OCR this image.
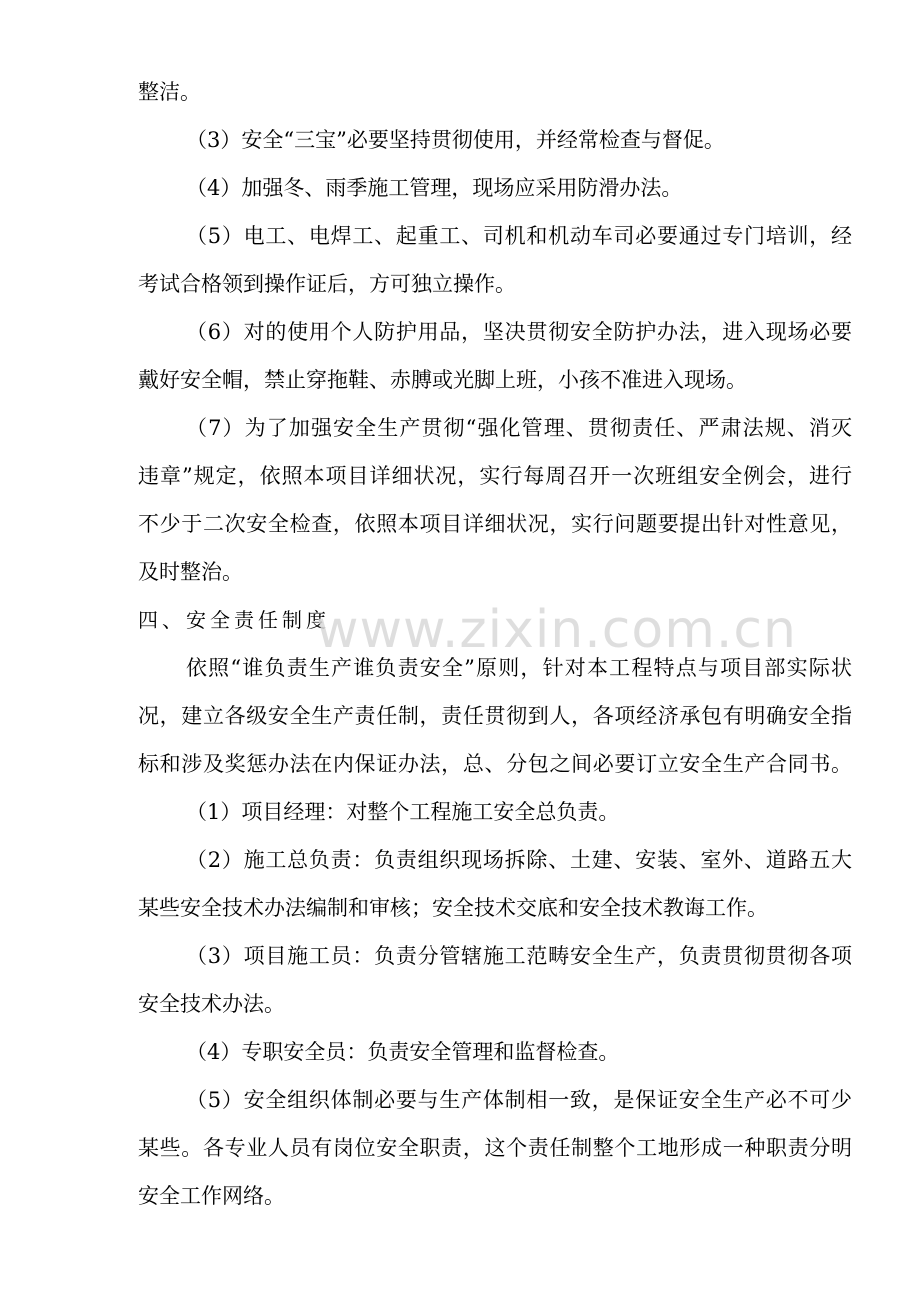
整洁。
（3）安全“三宝”必要坚持贯彻使用，并经常检查与督促。
（4）加强冬、雨季施工管理，现场应采用防滑办法。
（5）电工、电焊工、起重工、司机和机动车司必要通过专门培训，经
考试合格领到操作证后，方可独立操作。
（6）对的使用个人防护用品，坚决贯彻安全防护办法，进入现场必要
戴好安全帽，禁止穿拖鞋、赤膊或光脚上班，小孩不准进入现场。
（7）为了加强安全生产贯彻“强化管理、贯彻责任、严肃法规、消灭
违章”规定，依照本项目详细状况，实行每周召开一次班组安全例会，进行
不少于二次安全检查，依照本项目详细状况，实行问题要提出针对性意见，
及时整治。
四、安全责任制度
依照“谁负责生产谁负责安全”原则，针对本工程特点与项目部实际状
况，建立各级安全生产责任制，责任贯彻到人，各项经济承包有明确安全指
标和涉及奖惩办法在内保证办法，总、分包之间必要订立安全生产合同书。
（1）项目经理：对整个工程施工安全总负责。
（2）施工总负责：负责组织现场拆除、土建、安装、室外、道路五大
某些安全技术办法编制和审核；安全技术交底和安全技术教诲工作。
（3）项目施工员：负责分管辖施工范畴安全生产，负责贯彻贯彻各项
安全技术办法。
（4）专职安全员：负责安全管理和监督检查。
（5）安全组织体制必要与生产体制相一致，是保证安全生产必不可少
某些。各专业人员有岗位安全职责，这个责任制整个工地形成一种职责分明
安全工作网络。
www.zixin.com.cn
